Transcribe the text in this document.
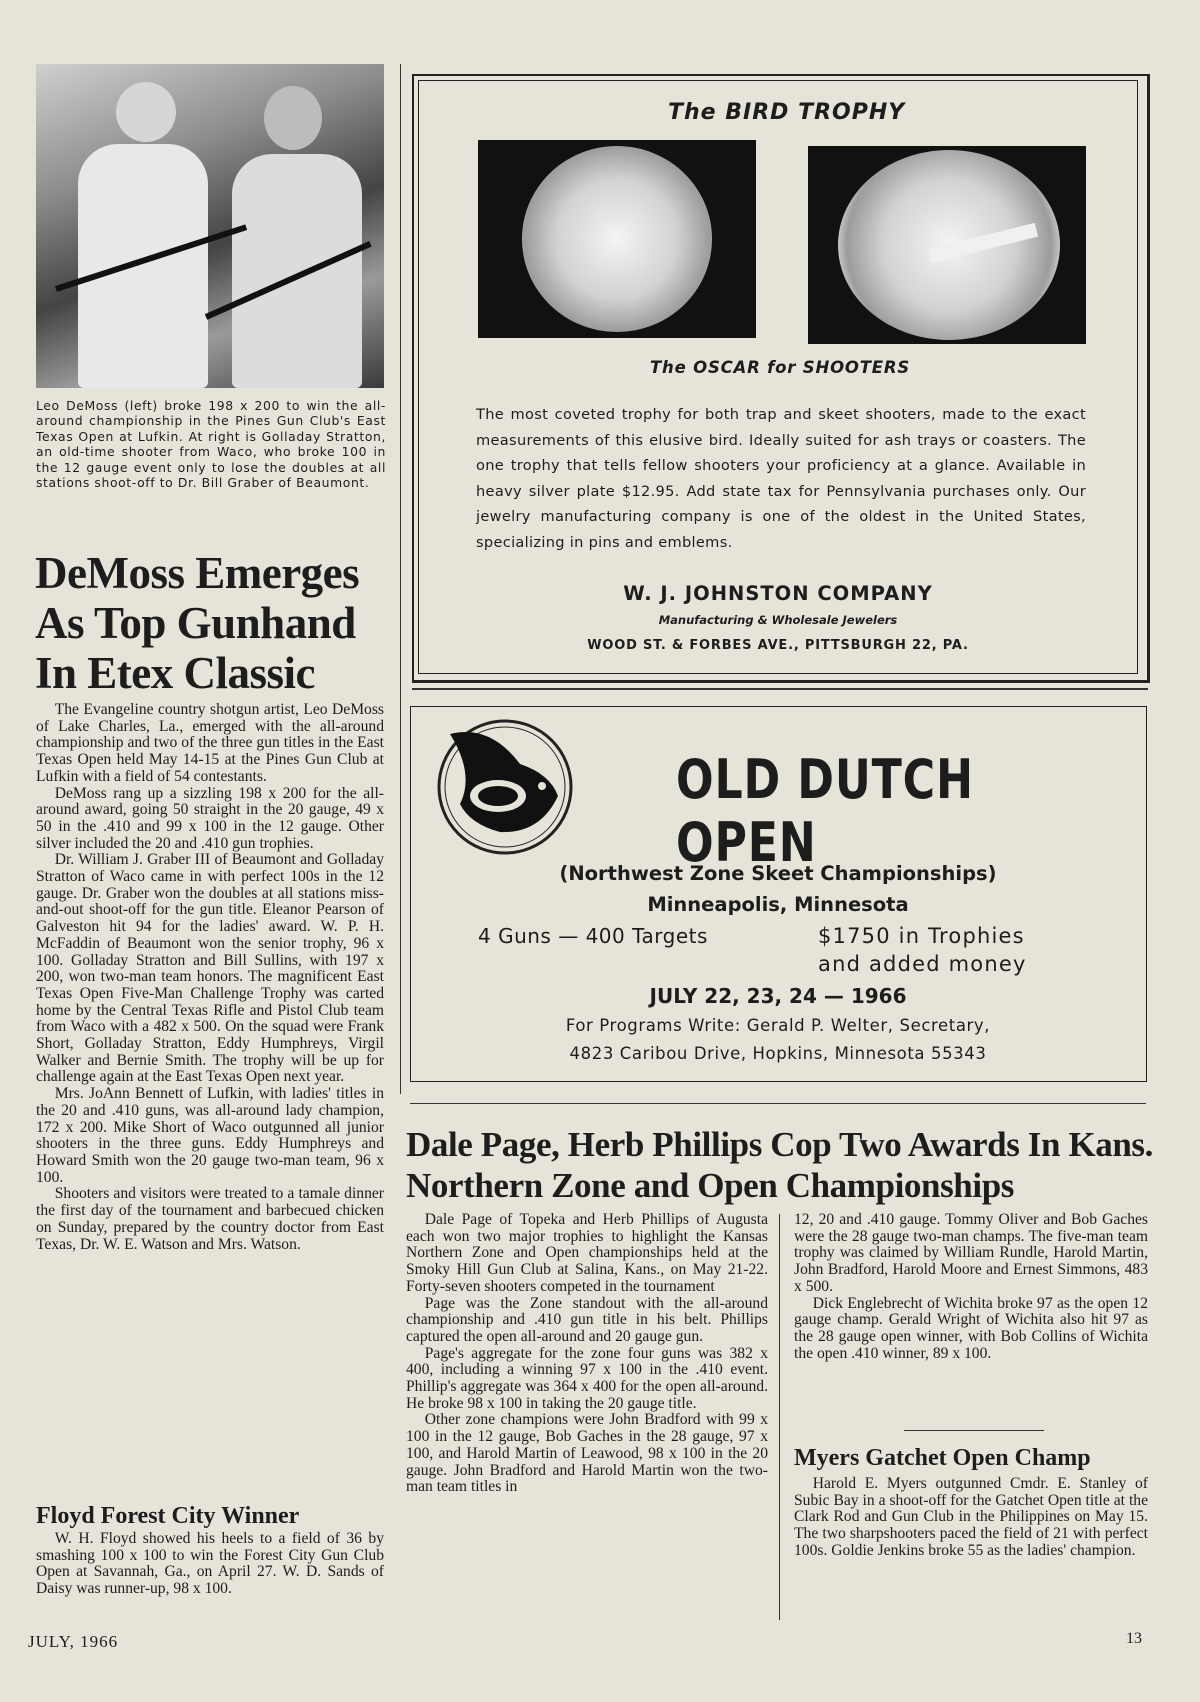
Leo DeMoss (left) broke 198 x 200 to win the all-around championship in the Pines Gun Club's East Texas Open at Lufkin. At right is Golladay Stratton, an old-time shooter from Waco, who broke 100 in the 12 gauge event only to lose the doubles at all stations shoot-off to Dr. Bill Graber of Beaumont.
DeMoss Emerges As Top Gunhand In Etex Classic

The Evangeline country shotgun artist, Leo DeMoss of Lake Charles, La., emerged with the all-around championship and two of the three gun titles in the East Texas Open held May 14-15 at the Pines Gun Club at Lufkin with a field of 54 contestants.

DeMoss rang up a sizzling 198 x 200 for the all-around award, going 50 straight in the 20 gauge, 49 x 50 in the .410 and 99 x 100 in the 12 gauge. Other silver included the 20 and .410 gun trophies.

Dr. William J. Graber III of Beaumont and Golladay Stratton of Waco came in with perfect 100s in the 12 gauge. Dr. Graber won the doubles at all stations miss-and-out shoot-off for the gun title. Eleanor Pearson of Galveston hit 94 for the ladies' award. W. P. H. McFaddin of Beaumont won the senior trophy, 96 x 100. Golladay Stratton and Bill Sullins, with 197 x 200, won two-man team honors. The magnificent East Texas Open Five-Man Challenge Trophy was carted home by the Central Texas Rifle and Pistol Club team from Waco with a 482 x 500. On the squad were Frank Short, Golladay Stratton, Eddy Humphreys, Virgil Walker and Bernie Smith. The trophy will be up for challenge again at the East Texas Open next year.

Mrs. JoAnn Bennett of Lufkin, with ladies' titles in the 20 and .410 guns, was all-around lady champion, 172 x 200. Mike Short of Waco outgunned all junior shooters in the three guns. Eddy Humphreys and Howard Smith won the 20 gauge two-man team, 96 x 100.

Shooters and visitors were treated to a tamale dinner the first day of the tournament and barbecued chicken on Sunday, prepared by the country doctor from East Texas, Dr. W. E. Watson and Mrs. Watson.

Floyd Forest City Winner

W. H. Floyd showed his heels to a field of 36 by smashing 100 x 100 to win the Forest City Gun Club Open at Savannah, Ga., on April 27. W. D. Sands of Daisy was runner-up, 98 x 100.

JULY, 1966	13
The BIRD TROPHY
The OSCAR for SHOOTERS
The most coveted trophy for both trap and skeet shooters, made to the exact measurements of this elusive bird. Ideally suited for ash trays or coasters. The one trophy that tells fellow shooters your proficiency at a glance. Available in heavy silver plate $12.95. Add state tax for Pennsylvania purchases only. Our jewelry manufacturing company is one of the oldest in the United States, specializing in pins and emblems.
W. J. JOHNSTON COMPANY
Manufacturing & Wholesale Jewelers
WOOD ST. & FORBES AVE., PITTSBURGH 22, PA.
OLD DUTCH OPEN
(Northwest Zone Skeet Championships)
Minneapolis, Minnesota
4 Guns — 400 Targets	$1750 in Trophies
and added money
JULY 22, 23, 24 — 1966
For Programs Write: Gerald P. Welter, Secretary,
4823 Caribou Drive, Hopkins, Minnesota 55343
Dale Page, Herb Phillips Cop Two Awards In Kans. Northern Zone and Open Championships

Dale Page of Topeka and Herb Phillips of Augusta each won two major trophies to highlight the Kansas Northern Zone and Open championships held at the Smoky Hill Gun Club at Salina, Kans., on May 21-22. Forty-seven shooters competed in the tournament

Page was the Zone standout with the all-around championship and .410 gun title in his belt. Phillips captured the open all-around and 20 gauge gun.

Page's aggregate for the zone four guns was 382 x 400, including a winning 97 x 100 in the .410 event. Phillip's aggregate was 364 x 400 for the open all-around. He broke 98 x 100 in taking the 20 gauge title.

Other zone champions were John Bradford with 99 x 100 in the 12 gauge, Bob Gaches in the 28 gauge, 97 x 100, and Harold Martin of Leawood, 98 x 100 in the 20 gauge. John Bradford and Harold Martin won the two-man team titles in

12, 20 and .410 gauge. Tommy Oliver and Bob Gaches were the 28 gauge two-man champs. The five-man team trophy was claimed by William Rundle, Harold Martin, John Bradford, Harold Moore and Ernest Simmons, 483 x 500.

Dick Englebrecht of Wichita broke 97 as the open 12 gauge champ. Gerald Wright of Wichita also hit 97 as the 28 gauge open winner, with Bob Collins of Wichita the open .410 winner, 89 x 100.

Myers Gatchet Open Champ

Harold E. Myers outgunned Cmdr. E. Stanley of Subic Bay in a shoot-off for the Gatchet Open title at the Clark Rod and Gun Club in the Philippines on May 15. The two sharpshooters paced the field of 21 with perfect 100s. Goldie Jenkins broke 55 as the ladies' champion.
